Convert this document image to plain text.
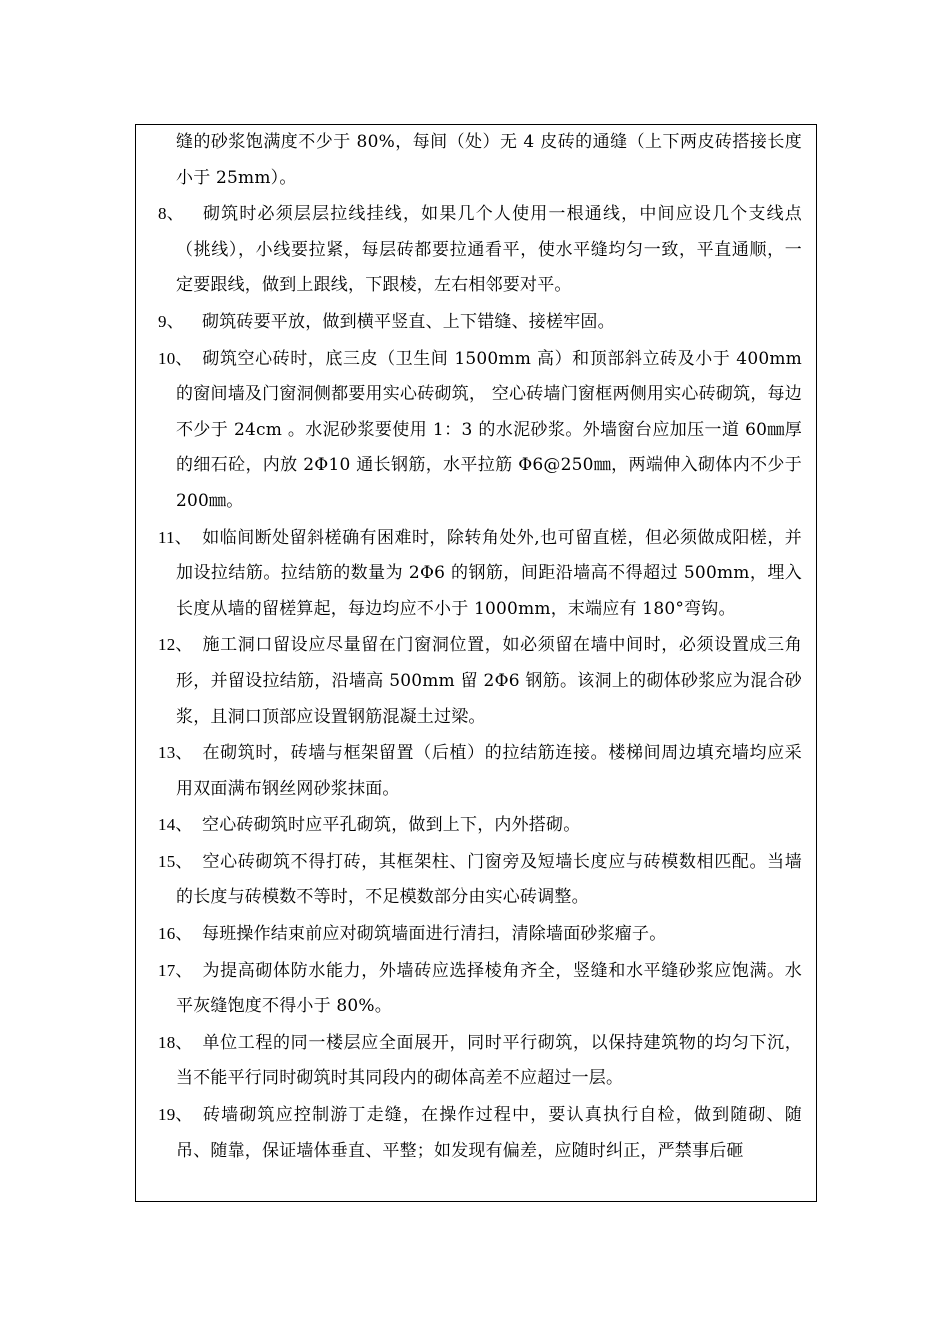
缝的砂浆饱满度不少于 80%，每间（处）无 4 皮砖的通缝（上下两皮砖搭接长度小于 25mm）。

8、 砌筑时必须层层拉线挂线，如果几个人使用一根通线，中间应设几个支线点（挑线），小线要拉紧，每层砖都要拉通看平，使水平缝均匀一致，平直通顺，一定要跟线，做到上跟线，下跟棱，左右相邻要对平。

9、 砌筑砖要平放，做到横平竖直、上下错缝、接槎牢固。

10、 砌筑空心砖时，底三皮（卫生间 1500mm 高）和顶部斜立砖及小于 400mm 的窗间墙及门窗洞侧都要用实心砖砌筑， 空心砖墙门窗框两侧用实心砖砌筑，每边不少于 24cm 。水泥砂浆要使用 1：3 的水泥砂浆。外墙窗台应加压一道 60㎜厚的细石砼，内放 2Φ10 通长钢筋，水平拉筋 Φ6@250㎜，两端伸入砌体内不少于 200㎜。

11、 如临间断处留斜槎确有困难时，除转角处外,也可留直槎，但必须做成阳槎，并加设拉结筋。拉结筋的数量为 2Φ6 的钢筋，间距沿墙高不得超过 500mm，埋入长度从墙的留槎算起，每边均应不小于 1000mm，末端应有 180°弯钩。

12、 施工洞口留设应尽量留在门窗洞位置，如必须留在墙中间时，必须设置成三角形，并留设拉结筋，沿墙高 500mm 留 2Φ6 钢筋。该洞上的砌体砂浆应为混合砂浆，且洞口顶部应设置钢筋混凝土过梁。

13、 在砌筑时，砖墙与框架留置（后植）的拉结筋连接。楼梯间周边填充墙均应采用双面满布钢丝网砂浆抹面。

14、 空心砖砌筑时应平孔砌筑，做到上下，内外搭砌。

15、 空心砖砌筑不得打砖，其框架柱、门窗旁及短墙长度应与砖模数相匹配。当墙的长度与砖模数不等时，不足模数部分由实心砖调整。

16、 每班操作结束前应对砌筑墙面进行清扫，清除墙面砂浆瘤子。

17、 为提高砌体防水能力，外墙砖应选择棱角齐全，竖缝和水平缝砂浆应饱满。水平灰缝饱度不得小于 80%。

18、 单位工程的同一楼层应全面展开，同时平行砌筑，以保持建筑物的均匀下沉，当不能平行同时砌筑时其同段内的砌体高差不应超过一层。

19、 砖墙砌筑应控制游丁走缝，在操作过程中，要认真执行自检，做到随砌、随吊、随靠，保证墙体垂直、平整；如发现有偏差，应随时纠正，严禁事后砸
